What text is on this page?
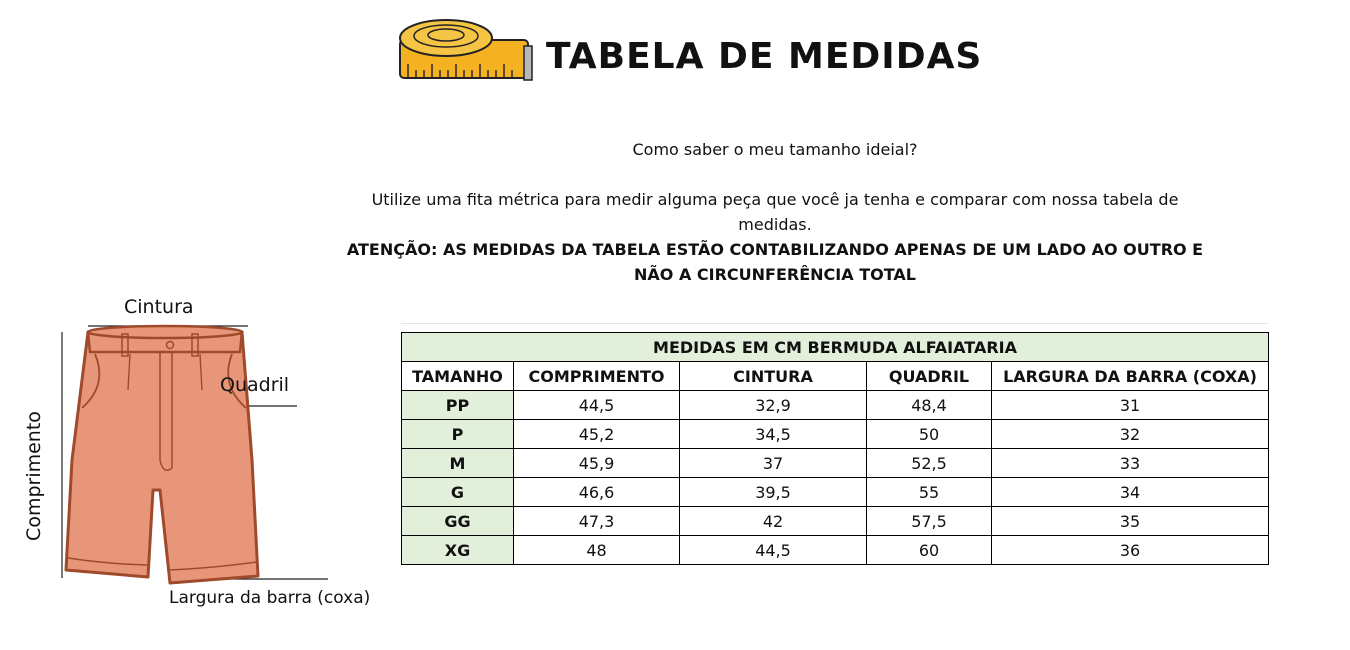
TABELA DE MEDIDAS
Como saber o meu tamanho ideial?
Utilize uma fita métrica para medir alguma peça que você ja tenha e comparar com nossa tabela de medidas.
ATENÇÃO: AS MEDIDAS DA TABELA ESTÃO CONTABILIZANDO APENAS DE UM LADO AO OUTRO E NÃO A CIRCUNFERÊNCIA TOTAL
Cintura
Quadril
Comprimento
Largura da barra (coxa)
MEDIDAS EM CM BERMUDA ALFAIATARIA				
TAMANHO	COMPRIMENTO	CINTURA	QUADRIL	LARGURA DA BARRA (COXA)
PP	44,5	32,9	48,4	31
P	45,2	34,5	50	32
M	45,9	37	52,5	33
G	46,6	39,5	55	34
GG	47,3	42	57,5	35
XG	48	44,5	60	36
